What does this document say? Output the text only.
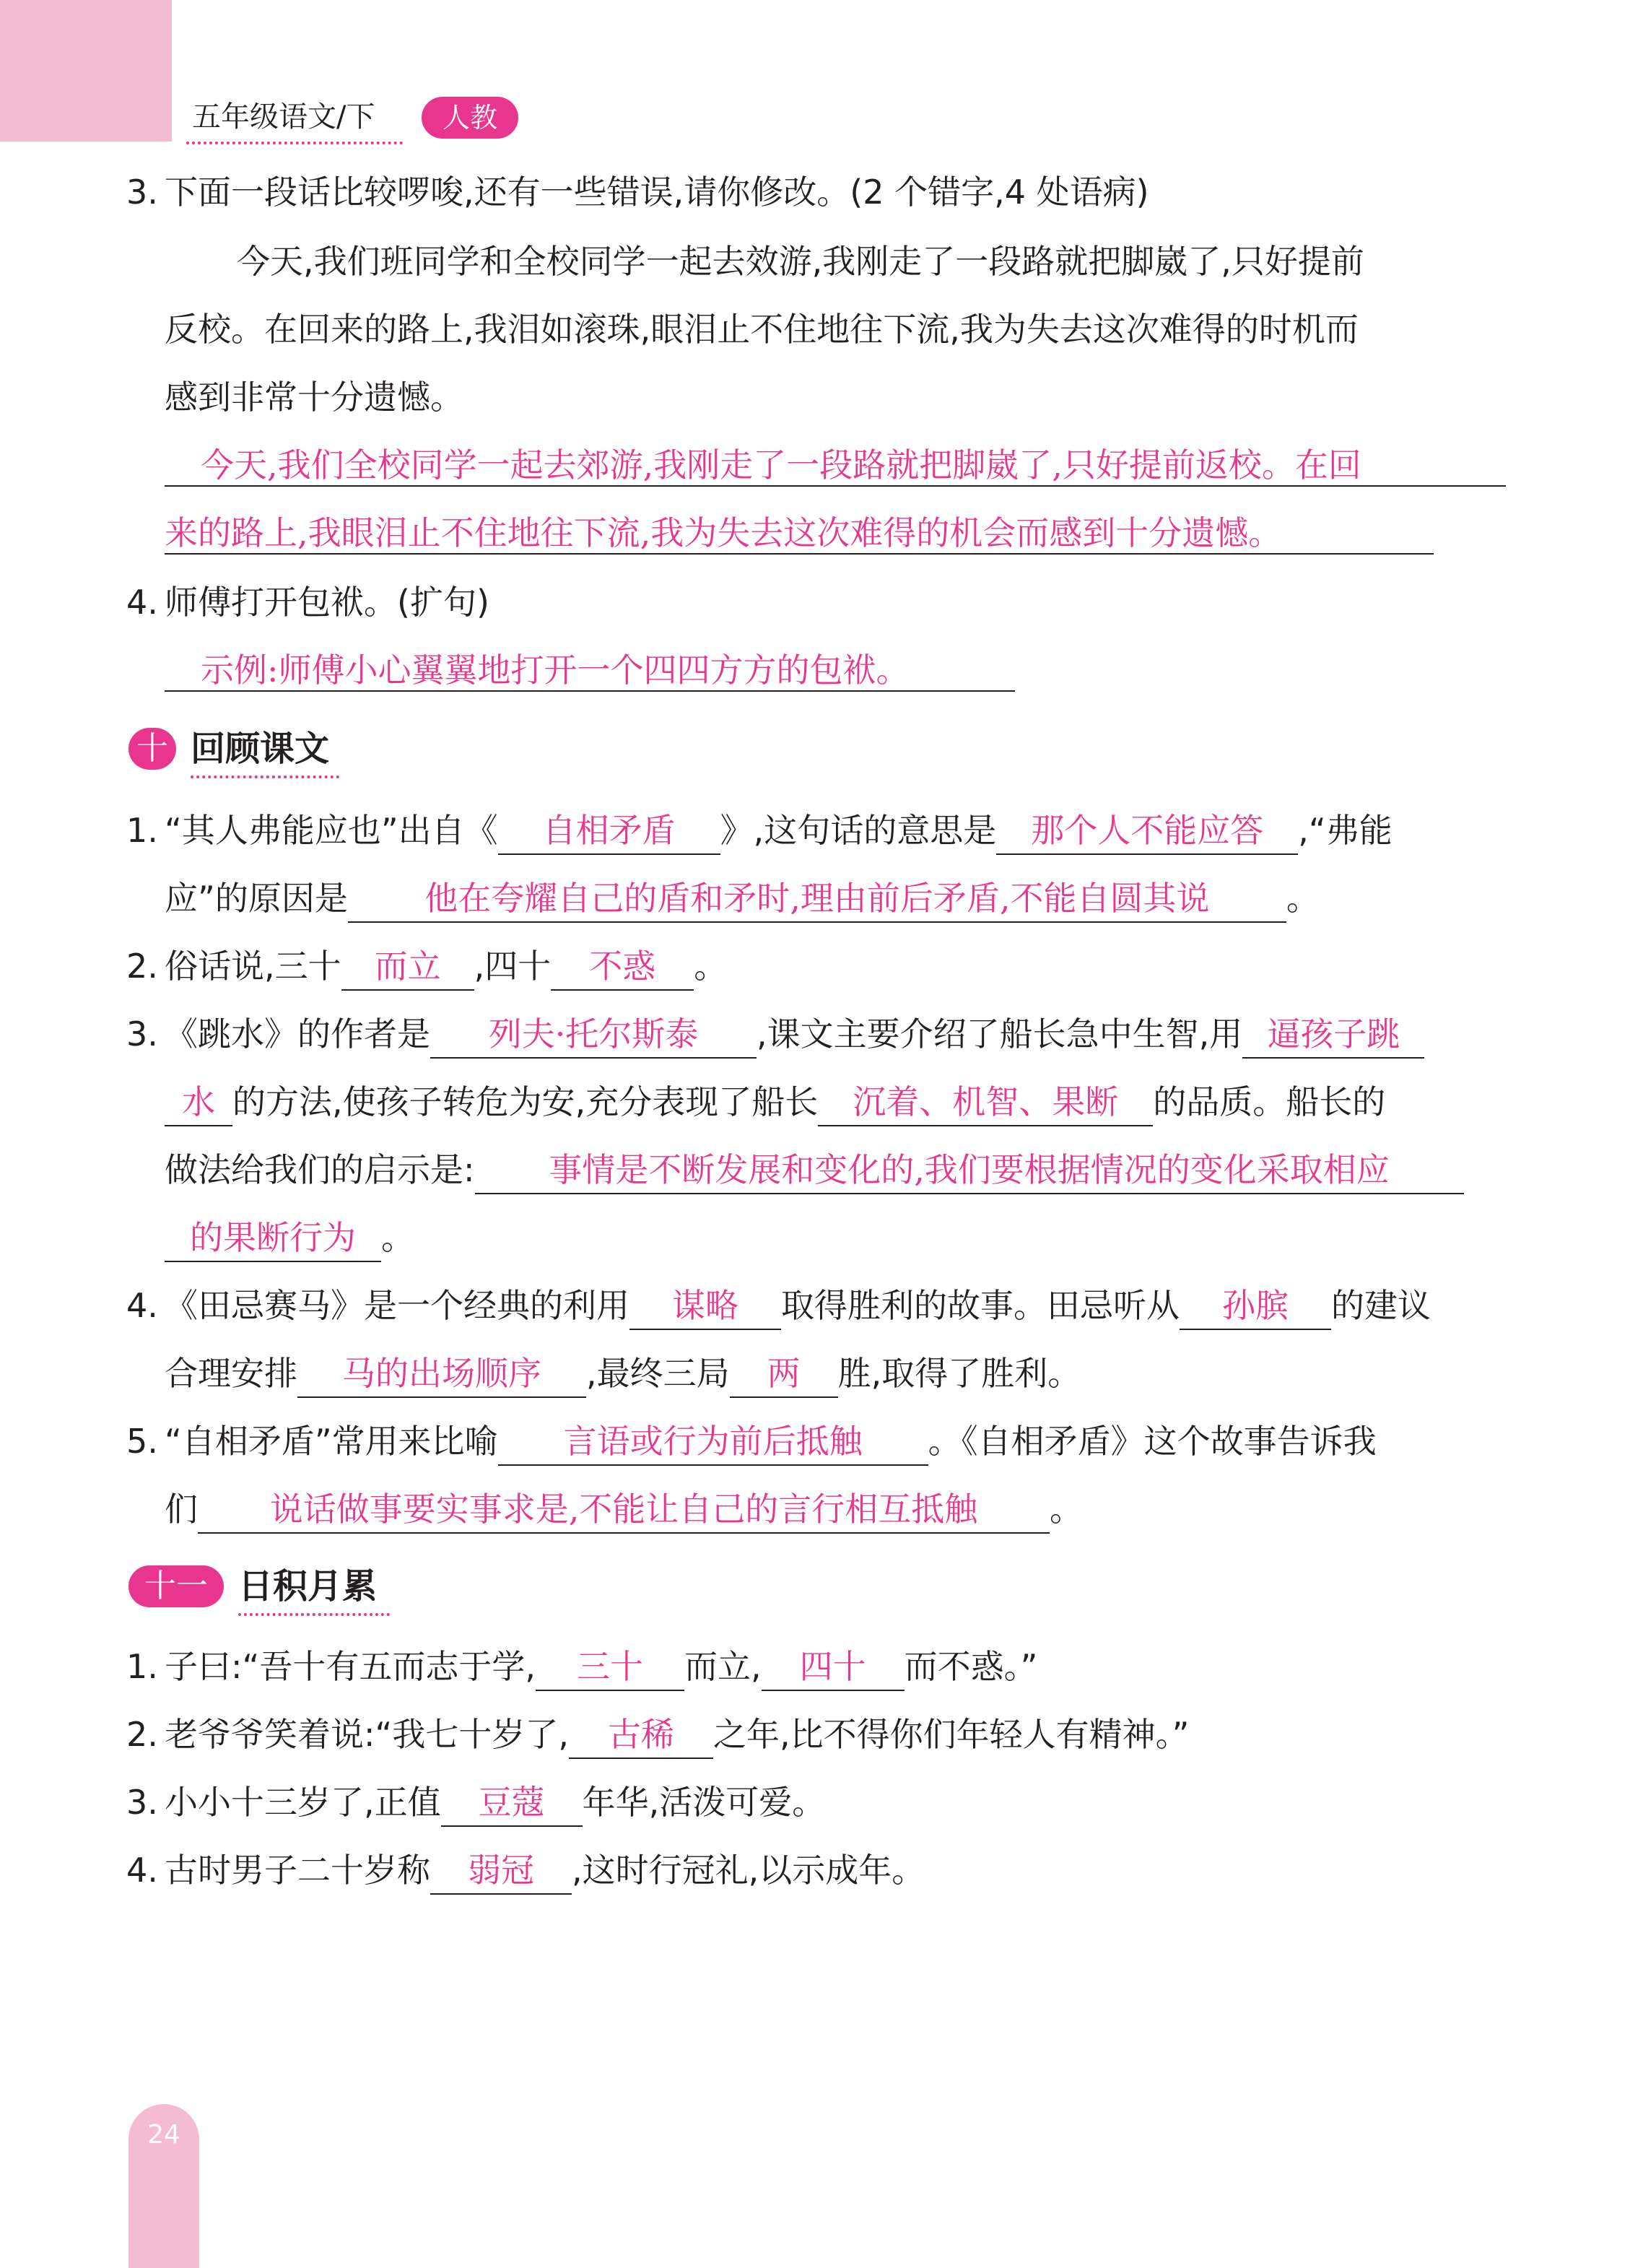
五年级语文/下	人教
3. 下面一段话比较啰唆,还有一些错误,请你修改。(2 个错字,4 处语病)
今天,我们班同学和全校同学一起去效游,我刚走了一段路就把脚崴了,只好提前
反校。在回来的路上,我泪如滚珠,眼泪止不住地往下流,我为失去这次难得的时机而
感到非常十分遗憾。
今天,我们全校同学一起去郊游,我刚走了一段路就把脚崴了,只好提前返校。在回
来的路上,我眼泪止不住地往下流,我为失去这次难得的机会而感到十分遗憾。
4. 师傅打开包袱。(扩句)
示例:师傅小心翼翼地打开一个四四方方的包袱。
十 回顾课文
1. “其人弗能应也”出自《 自相矛盾 》,这句话的意思是 那个人不能应答 ,“弗能
应”的原因是 他在夸耀自己的盾和矛时,理由前后矛盾,不能自圆其说 。
2. 俗话说,三十 而立 ,四十 不惑 。
3. 《跳水》的作者是 列夫·托尔斯泰 ,课文主要介绍了船长急中生智,用 逼孩子跳
水 的方法,使孩子转危为安,充分表现了船长 沉着、机智、果断 的品质。船长的
做法给我们的启示是: 事情是不断发展和变化的,我们要根据情况的变化采取相应
的果断行为 。
4. 《田忌赛马》是一个经典的利用 谋略 取得胜利的故事。田忌听从 孙膑 的建议
合理安排 马的出场顺序 ,最终三局 两 胜,取得了胜利。
5. “自相矛盾”常用来比喻 言语或行为前后抵触 。《自相矛盾》这个故事告诉我
们 说话做事要实事求是,不能让自己的言行相互抵触 。
十一 日积月累
1. 子曰:“吾十有五而志于学, 三十 而立, 四十 而不惑。”
2. 老爷爷笑着说:“我七十岁了, 古稀 之年,比不得你们年轻人有精神。”
3. 小小十三岁了,正值 豆蔻 年华,活泼可爱。
4. 古时男子二十岁称 弱冠 ,这时行冠礼,以示成年。
24
